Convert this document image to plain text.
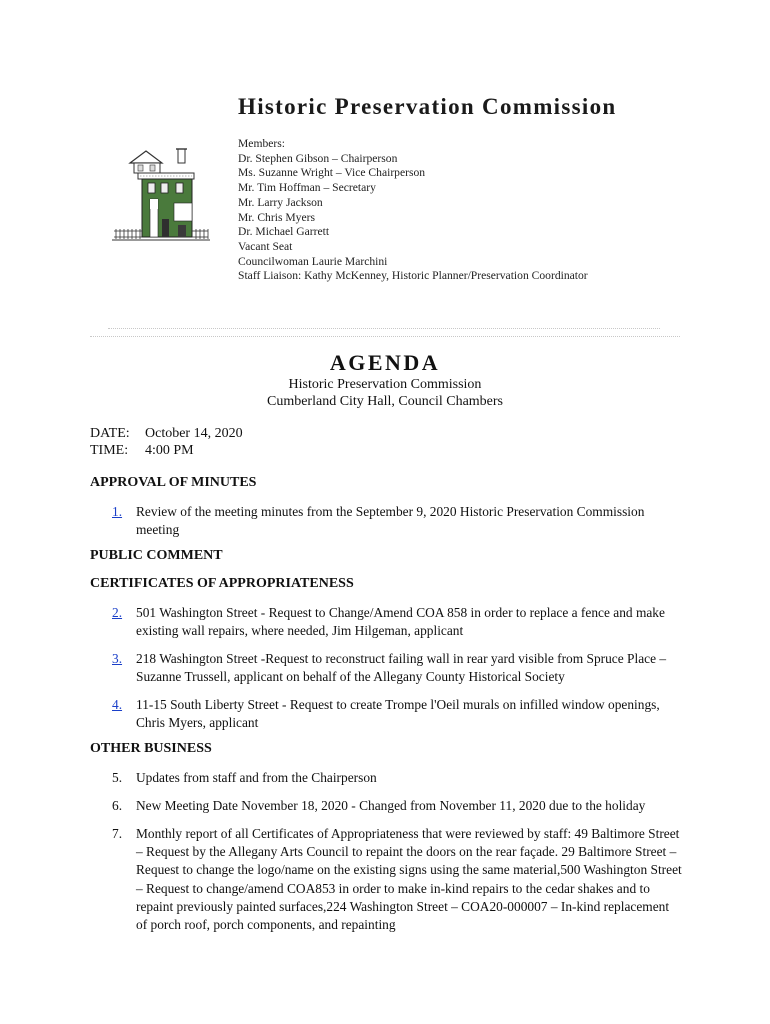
Historic Preservation Commission
Members:
Dr. Stephen Gibson – Chairperson
Ms. Suzanne Wright – Vice Chairperson
Mr. Tim Hoffman – Secretary
Mr. Larry Jackson
Mr. Chris Myers
Dr. Michael Garrett
Vacant Seat
Councilwoman Laurie Marchini
Staff Liaison: Kathy McKenney, Historic Planner/Preservation Coordinator
AGENDA
Historic Preservation Commission
Cumberland City Hall, Council Chambers
DATE: October 14, 2020
TIME: 4:00 PM
APPROVAL OF MINUTES
1. Review of the meeting minutes from the September 9, 2020 Historic Preservation Commission meeting
PUBLIC COMMENT
CERTIFICATES OF APPROPRIATENESS
2. 501 Washington Street - Request to Change/Amend COA 858 in order to replace a fence and make existing wall repairs, where needed, Jim Hilgeman, applicant
3. 218 Washington Street -Request to reconstruct failing wall in rear yard visible from Spruce Place – Suzanne Trussell, applicant on behalf of the Allegany County Historical Society
4. 11-15 South Liberty Street - Request to create Trompe l'Oeil murals on infilled window openings, Chris Myers, applicant
OTHER BUSINESS
5. Updates from staff and from the Chairperson
6. New Meeting Date November 18, 2020 - Changed from November 11, 2020 due to the holiday
7. Monthly report of all Certificates of Appropriateness that were reviewed by staff: 49 Baltimore Street – Request by the Allegany Arts Council to repaint the doors on the rear façade. 29 Baltimore Street – Request to change the logo/name on the existing signs using the same material,500 Washington Street – Request to change/amend COA853 in order to make in-kind repairs to the cedar shakes and to repaint previously painted surfaces,224 Washington Street – COA20-000007 – In-kind replacement of porch roof, porch components, and repainting
